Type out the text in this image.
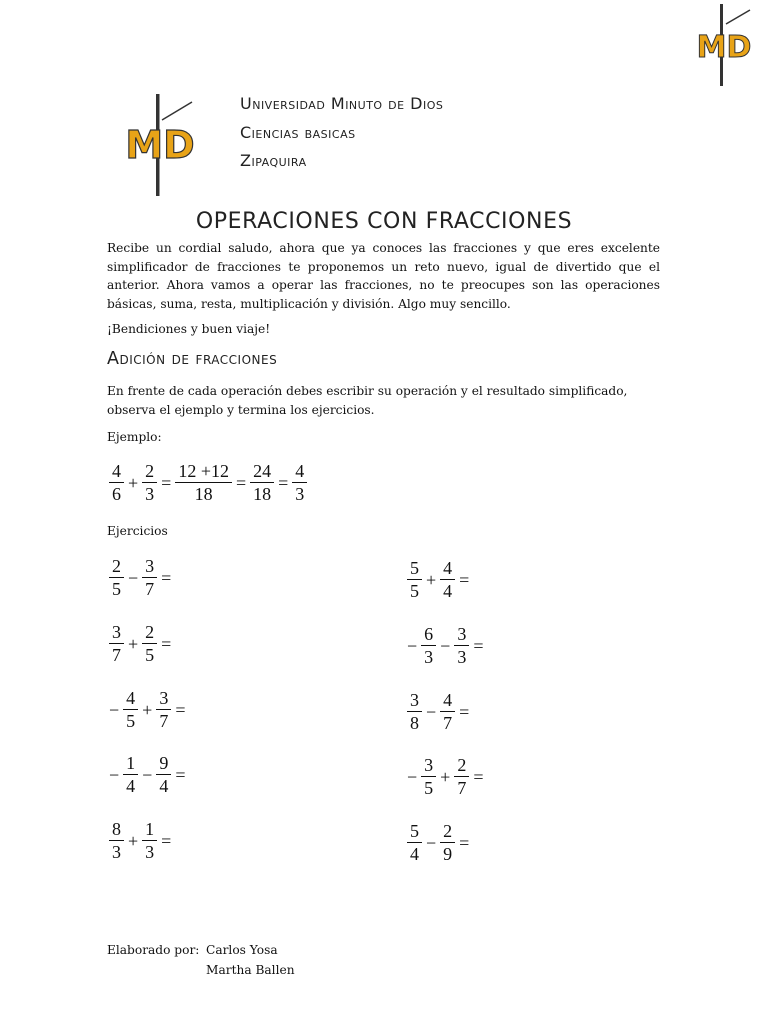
MD
MD
Universidad Minuto de Dios
Ciencias basicas
Zipaquira
OPERACIONES CON FRACCIONES
Recibe un cordial saludo, ahora que ya conoces las fracciones y que eres excelente simplificador de fracciones te proponemos un reto nuevo, igual de divertido que el anterior. Ahora vamos a operar las fracciones, no te preocupes son las operaciones básicas, suma, resta, multiplicación y división. Algo muy sencillo.
¡Bendiciones y buen viaje!
Adición de fracciones
En frente de cada operación debes escribir su operación y el resultado simplificado, observa el ejemplo y termina los ejercicios.
Ejemplo:
$\frac{4}{6} + \frac{2}{3} = \frac{12 +12}{18} = \frac{24}{18} = \frac{4}{3}$
Ejercicios
$\frac{2}{5} - \frac{3}{7}$ =
$\frac{3}{7} + \frac{2}{5}$ =
− $\frac{4}{5} + \frac{3}{7}$ =
− $\frac{1}{4} - \frac{9}{4}$ =
$\frac{8}{3} + \frac{1}{3}$ =
$\frac{5}{5} + \frac{4}{4}$ =
− $\frac{6}{3} - \frac{3}{3}$ =
$\frac{3}{8} - \frac{4}{7}$ =
− $\frac{3}{5} + \frac{2}{7}$ =
$\frac{5}{4} - \frac{2}{9}$ =
Elaborado por: Carlos Yosa
Martha Ballen
